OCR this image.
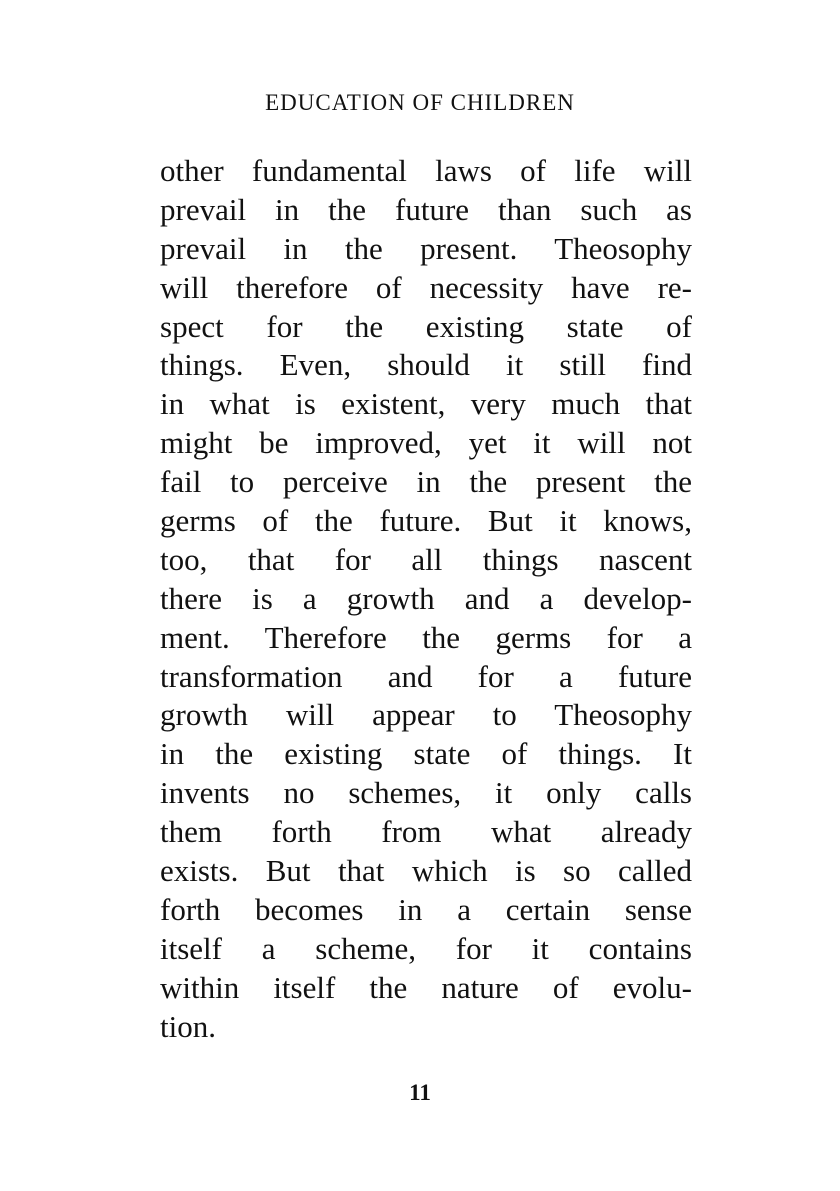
EDUCATION OF CHILDREN
other fundamental laws of life will
prevail in the future than such as
prevail in the present. Theosophy
will therefore of necessity have re-
spect for the existing state of
things. Even, should it still find
in what is existent, very much that
might be improved, yet it will not
fail to perceive in the present the
germs of the future. But it knows,
too, that for all things nascent
there is a growth and a develop-
ment. Therefore the germs for a
transformation and for a future
growth will appear to Theosophy
in the existing state of things. It
invents no schemes, it only calls
them forth from what already
exists. But that which is so called
forth becomes in a certain sense
itself a scheme, for it contains
within itself the nature of evolu-
tion.
11
